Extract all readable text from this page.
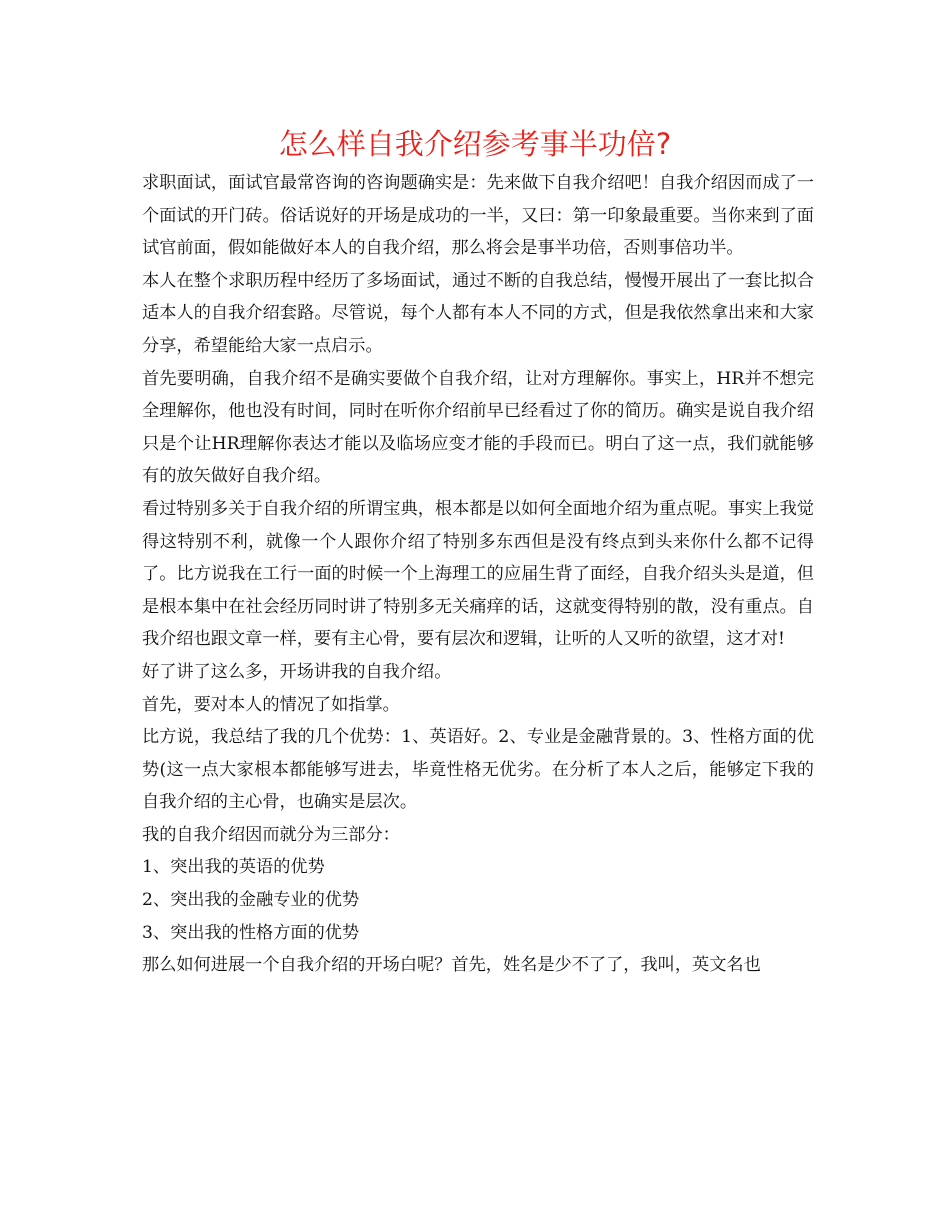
怎么样自我介绍参考事半功倍?

求职面试，面试官最常咨询的咨询题确实是：先来做下自我介绍吧！自我介绍因而成了一个面试的开门砖。俗话说好的开场是成功的一半，又曰：第一印象最重要。当你来到了面试官前面，假如能做好本人的自我介绍，那么将会是事半功倍，否则事倍功半。

本人在整个求职历程中经历了多场面试，通过不断的自我总结，慢慢开展出了一套比拟合适本人的自我介绍套路。尽管说，每个人都有本人不同的方式，但是我依然拿出来和大家分享，希望能给大家一点启示。

首先要明确，自我介绍不是确实要做个自我介绍，让对方理解你。事实上，HR并不想完全理解你，他也没有时间，同时在听你介绍前早已经看过了你的简历。确实是说自我介绍只是个让HR理解你表达才能以及临场应变才能的手段而已。明白了这一点，我们就能够有的放矢做好自我介绍。

看过特别多关于自我介绍的所谓宝典，根本都是以如何全面地介绍为重点呢。事实上我觉得这特别不利，就像一个人跟你介绍了特别多东西但是没有终点到头来你什么都不记得了。比方说我在工行一面的时候一个上海理工的应届生背了面经，自我介绍头头是道，但是根本集中在社会经历同时讲了特别多无关痛痒的话，这就变得特别的散，没有重点。自我介绍也跟文章一样，要有主心骨，要有层次和逻辑，让听的人又听的欲望，这才对!

好了讲了这么多，开场讲我的自我介绍。

首先，要对本人的情况了如指掌。

比方说，我总结了我的几个优势：1、英语好。2、专业是金融背景的。3、性格方面的优势(这一点大家根本都能够写进去，毕竟性格无优劣。在分析了本人之后，能够定下我的自我介绍的主心骨，也确实是层次。

我的自我介绍因而就分为三部分：

1、突出我的英语的优势

2、突出我的金融专业的优势

3、突出我的性格方面的优势

那么如何进展一个自我介绍的开场白呢？首先，姓名是少不了了，我叫，英文名也
